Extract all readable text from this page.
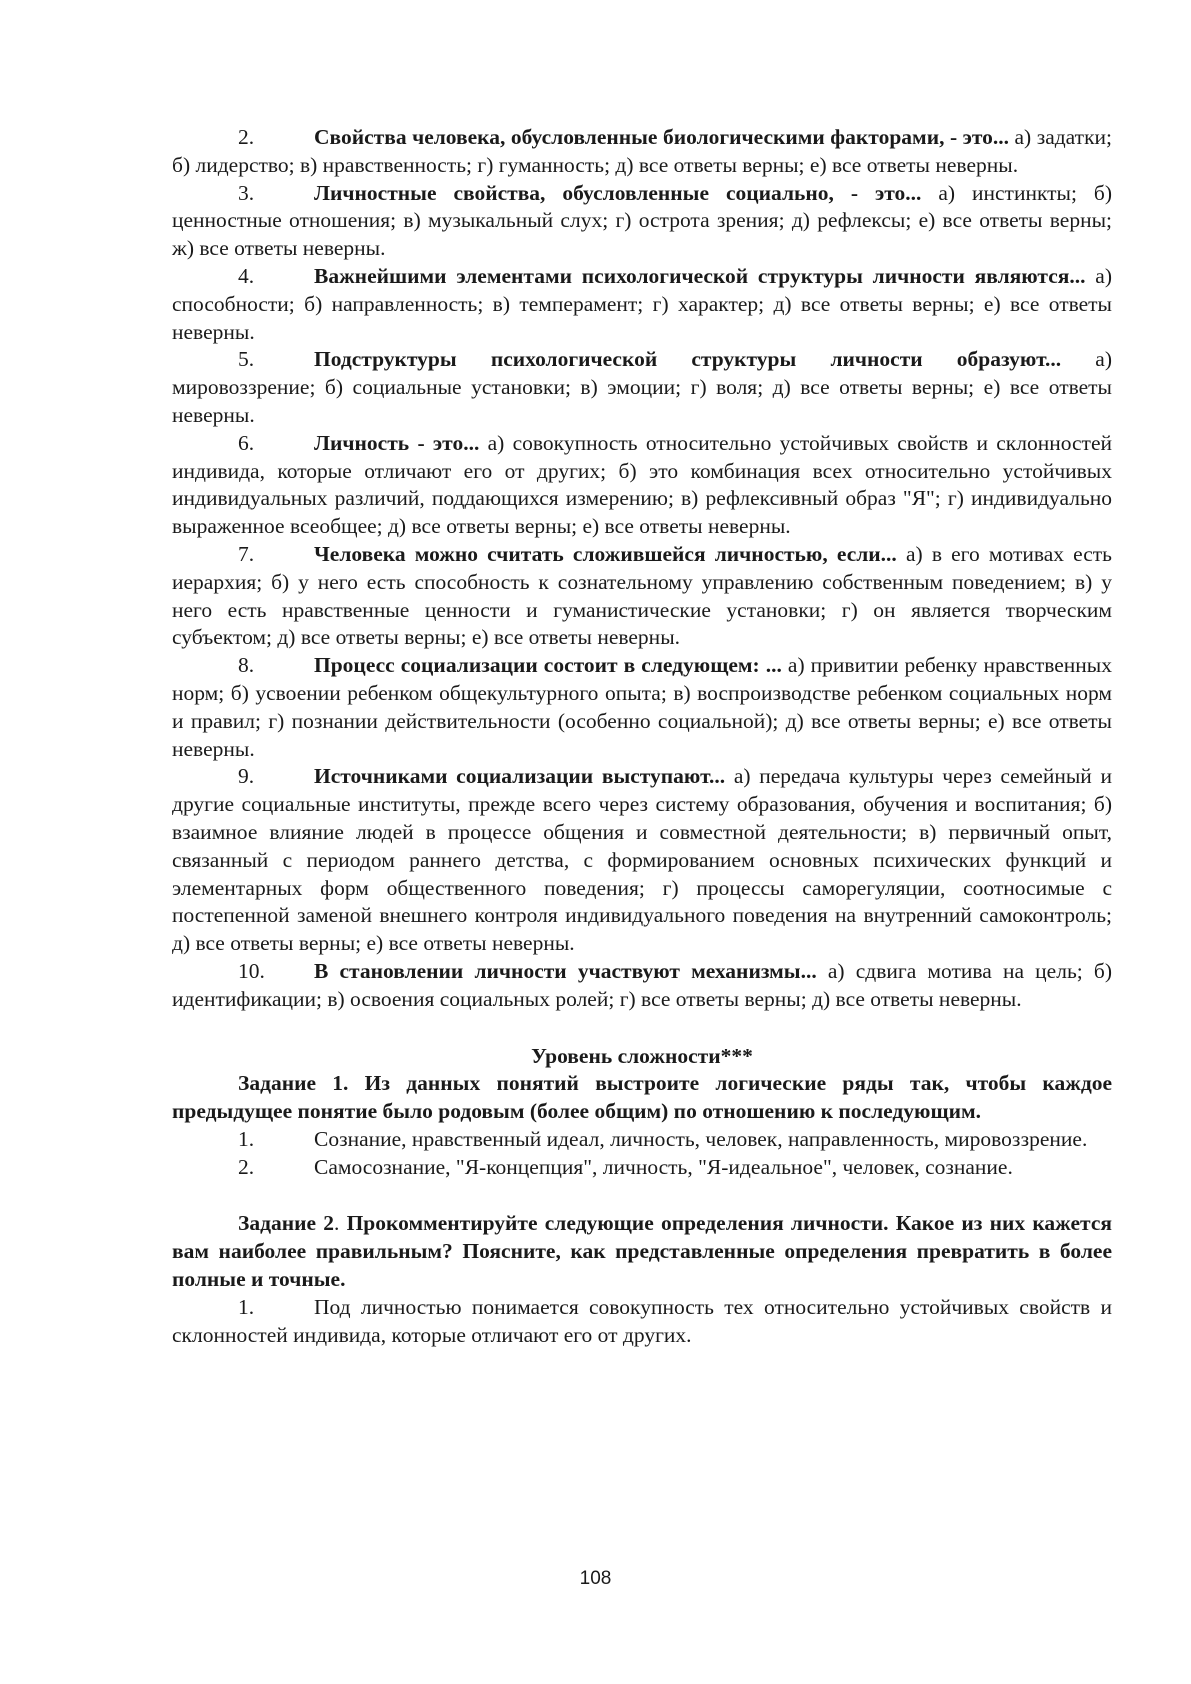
2.	Свойства человека, обусловленные биологическими факторами, - это... а) задатки; б) лидерство; в) нравственность; г) гуманность; д) все ответы верны; е) все ответы неверны.

3.	Личностные свойства, обусловленные социально, - это... а) инстинкты; б) ценностные отношения; в) музыкальный слух; г) острота зрения; д) рефлексы; е) все ответы верны; ж) все ответы неверны.

4.	Важнейшими элементами психологической структуры личности являются... а) способности; б) направленность; в) темперамент; г) характер; д) все ответы верны; е) все ответы неверны.

5.	Подструктуры психологической структуры личности образуют... а) мировоззрение; б) социальные установки; в) эмоции; г) воля; д) все ответы верны; е) все ответы неверны.

6.	Личность - это... а) совокупность относительно устойчивых свойств и склонностей индивида, которые отличают его от других; б) это комбинация всех относительно устойчивых индивидуальных различий, поддающихся измерению; в) рефлексивный образ "Я"; г) индивидуально выраженное всеобщее; д) все ответы верны; е) все ответы неверны.

7.	Человека можно считать сложившейся личностью, если... а) в его мотивах есть иерархия; б) у него есть способность к сознательному управлению собственным поведением; в) у него есть нравственные ценности и гуманистические установки; г) он является творческим субъектом; д) все ответы верны; е) все ответы неверны.

8.	Процесс социализации состоит в следующем: ... а) привитии ребенку нравственных норм; б) усвоении ребенком общекультурного опыта; в) воспроизводстве ребенком социальных норм и правил; г) познании действительности (особенно социальной); д) все ответы верны; е) все ответы неверны.

9.	Источниками социализации выступают... а) передача культуры через семейный и другие социальные институты, прежде всего через систему образования, обучения и воспитания; б) взаимное влияние людей в процессе общения и совместной деятельности; в) первичный опыт, связанный с периодом раннего детства, с формированием основных психических функций и элементарных форм общественного поведения; г) процессы саморегуляции, соотносимые с постепенной заменой внешнего контроля индивидуального поведения на внутренний самоконтроль; д) все ответы верны; е) все ответы неверны.

10. В становлении личности участвуют механизмы... а) сдвига мотива на цель; б) идентификации; в) освоения социальных ролей; г) все ответы верны; д) все ответы неверны.

Уровень сложности***

Задание 1. Из данных понятий выстроите логические ряды так, чтобы каждое предыдущее понятие было родовым (более общим) по отношению к последующим.

1.	Сознание, нравственный идеал, личность, человек, направленность, мировоззрение.

2.	Самосознание, "Я-концепция", личность, "Я-идеальное", человек, сознание.

Задание 2. Прокомментируйте следующие определения личности. Какое из них кажется вам наиболее правильным? Поясните, как представленные определения превратить в более полные и точные.

1.	Под личностью понимается совокупность тех относительно устойчивых свойств и склонностей индивида, которые отличают его от других.

108
